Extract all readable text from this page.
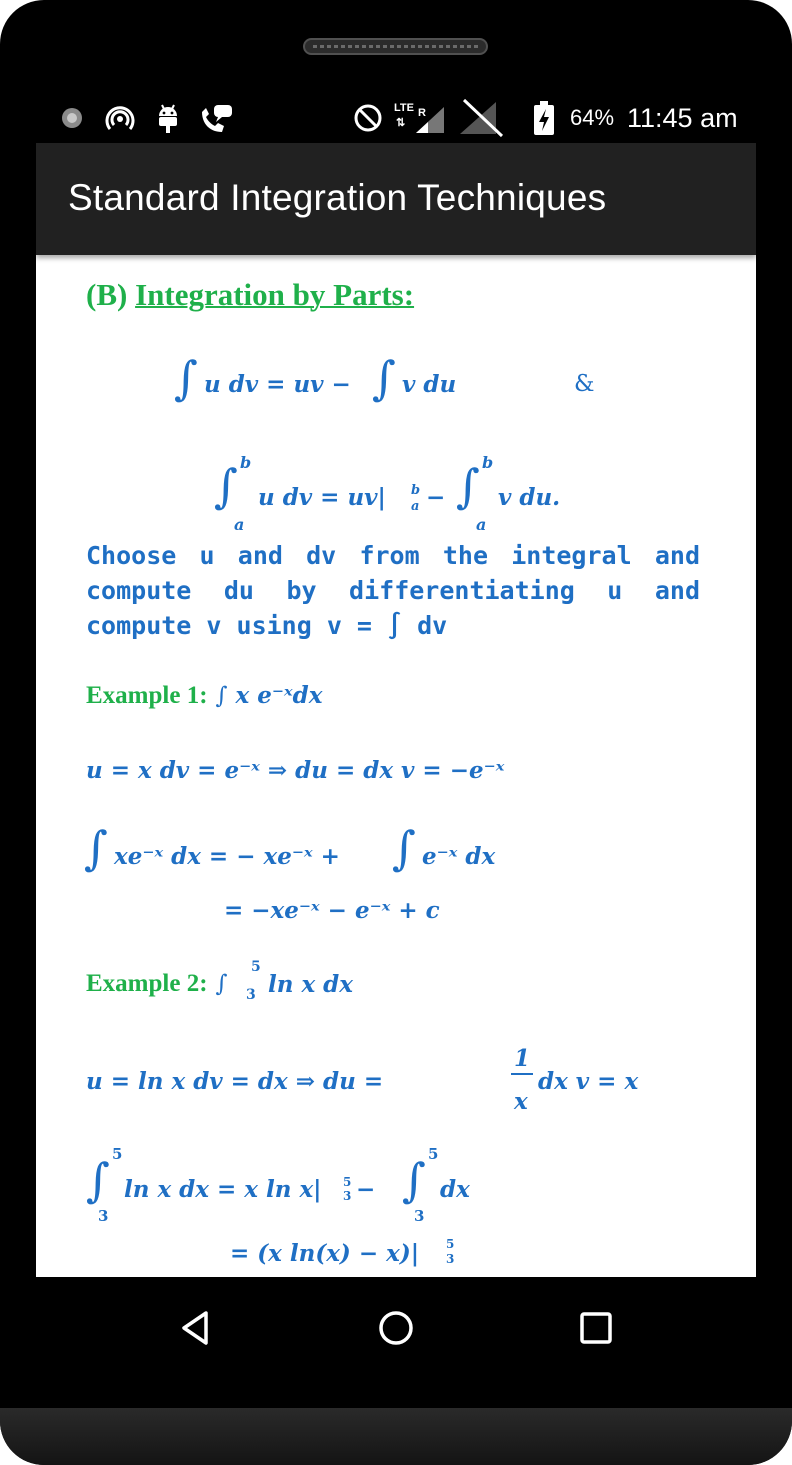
LTE
⇅
R	64% 11:45 am
Standard Integration Techniques
(B) Integration by Parts:
∫ u dv = uv − ∫ v du	&
∫ b
a
u dv = uv| b
a − ∫ b
a
v du.
Choose u and dv from the integral and
compute du by differentiating u and
compute v using v = ∫ dv
Example 1: ∫ x e⁻ˣdx
u = x dv = e⁻ˣ ⇒ du = dx v = −e⁻ˣ
∫ xe⁻ˣ dx = − xe⁻ˣ + ∫ e⁻ˣ dx
= −xe⁻ˣ − e⁻ˣ + c
Example 2: ∫
5
3 ln x dx
u = ln x dv = dx ⇒ du =
1
x
dx v = x
∫ 5
3
ln x dx = x ln x| 5
3 − ∫ 5
3
dx
= (x ln(x) − x)| 5
3
